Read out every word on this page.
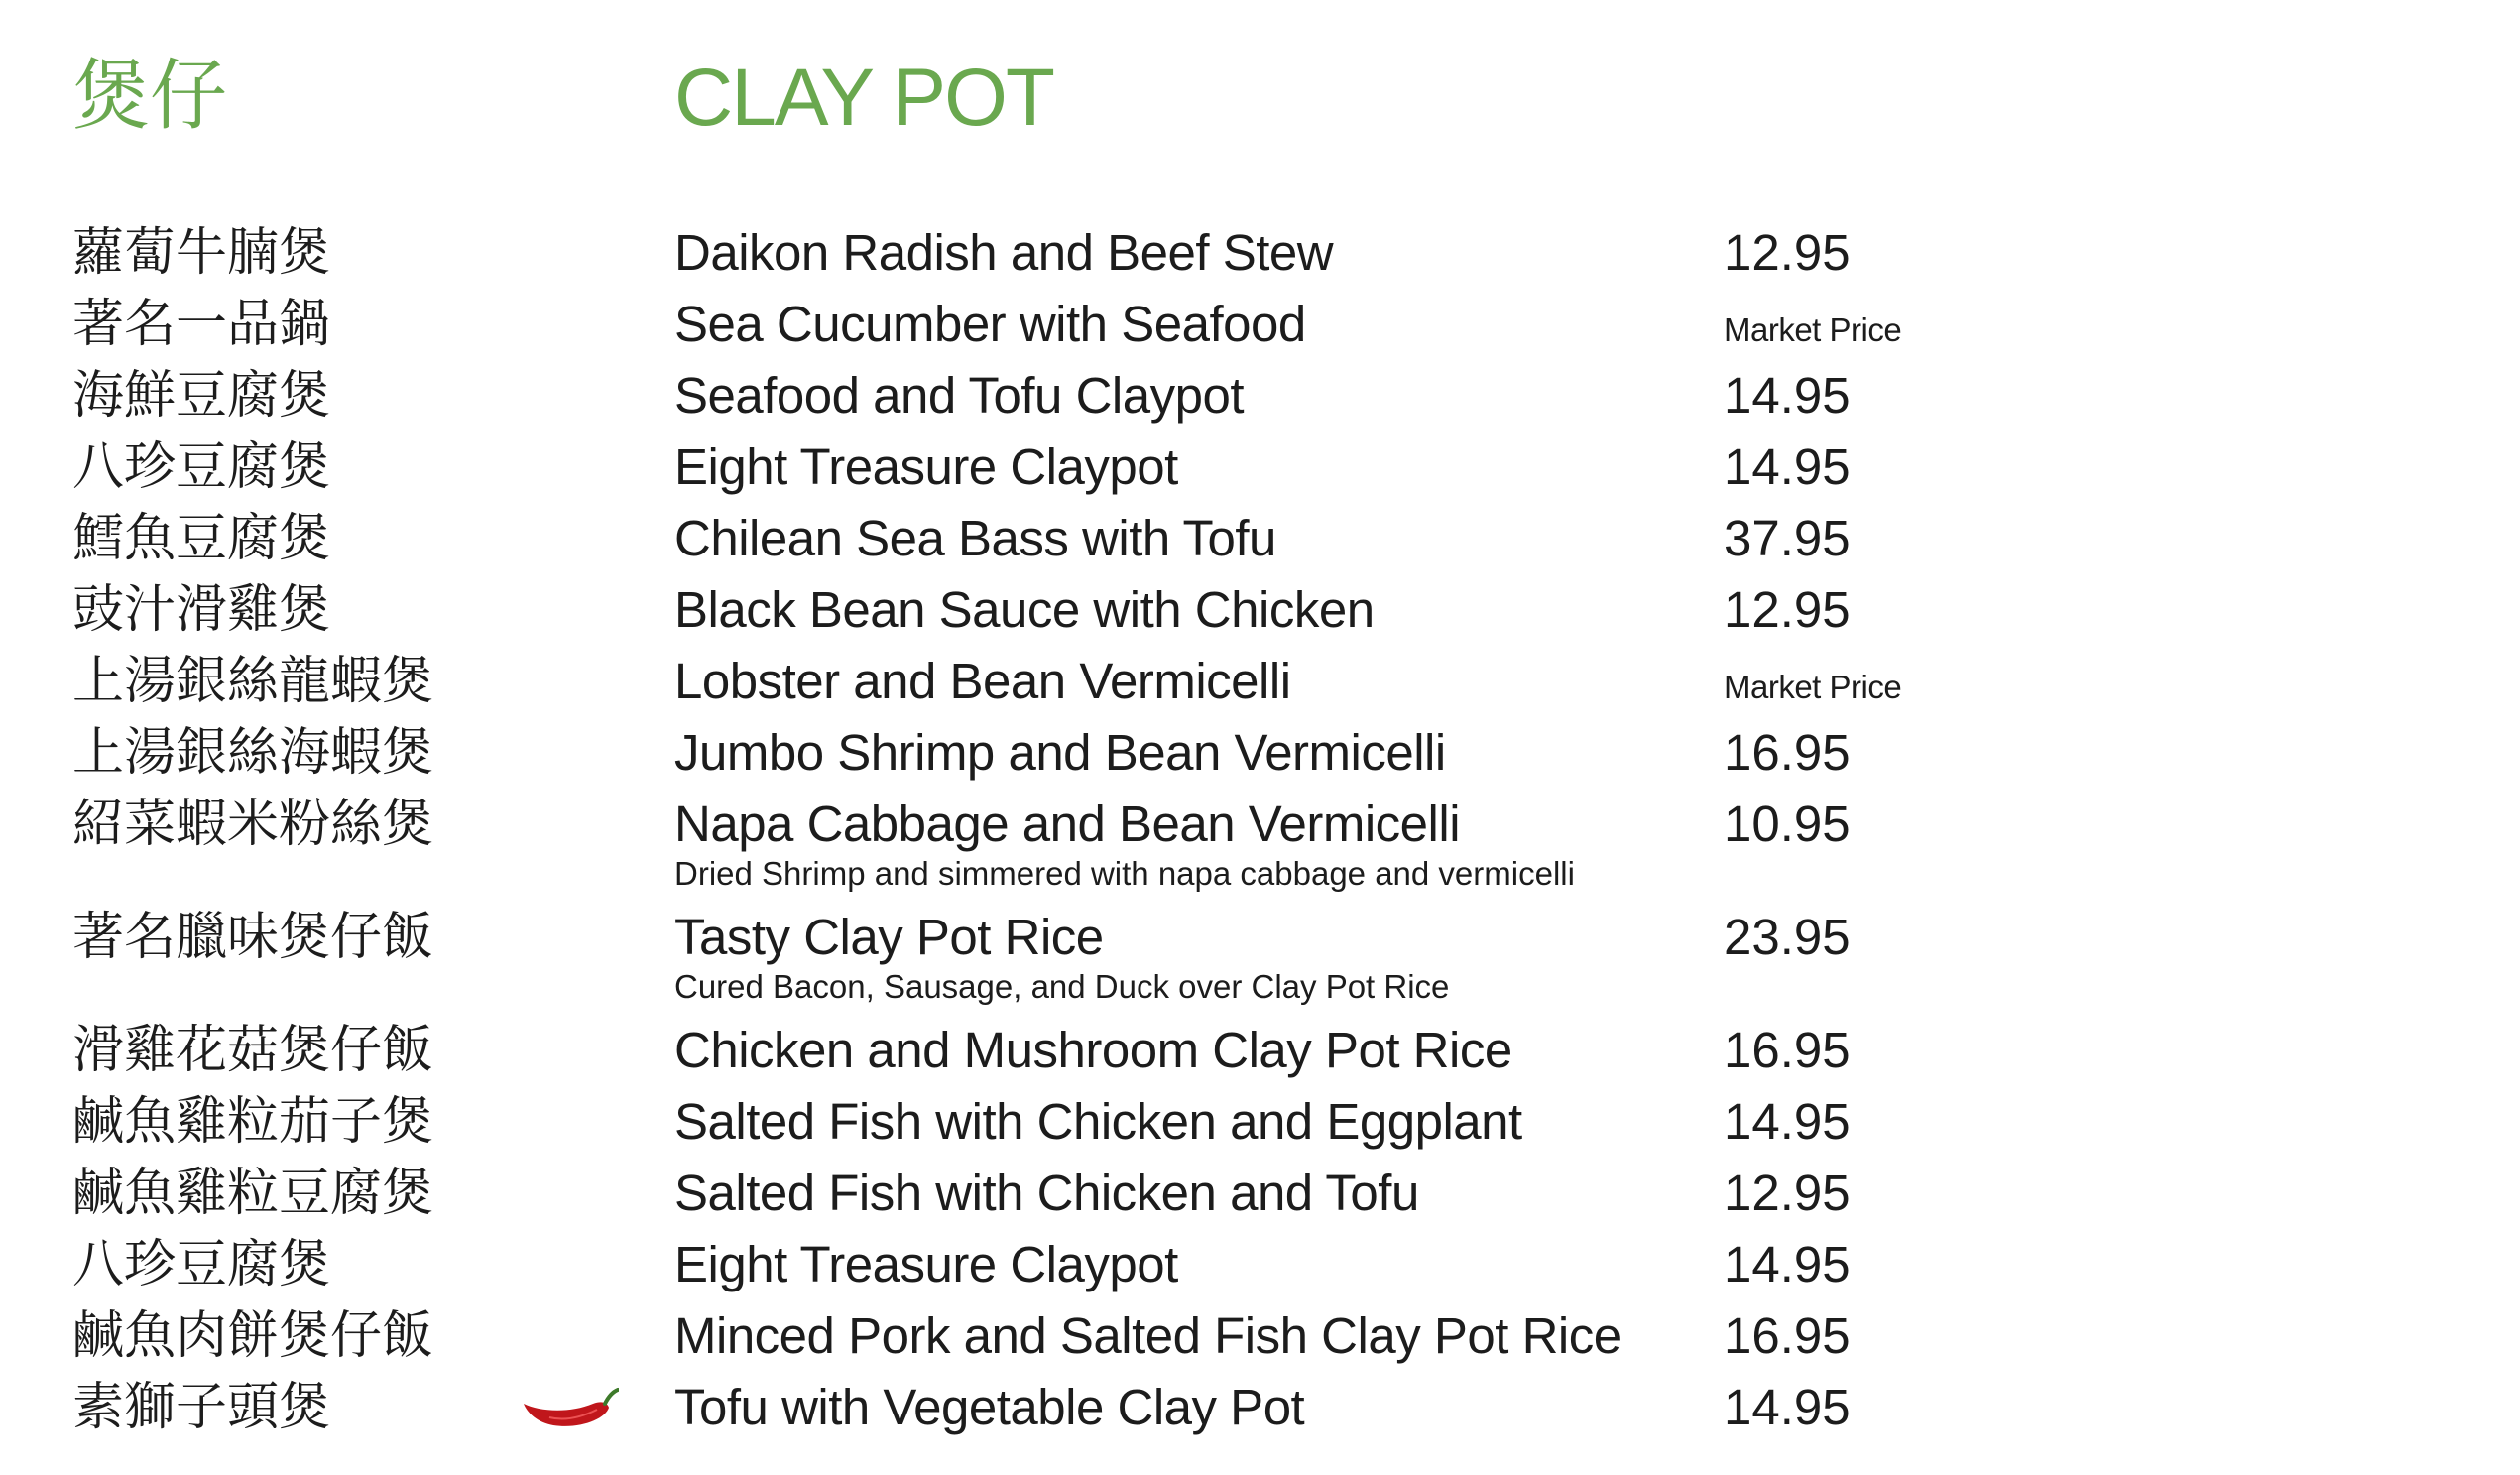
煲仔	CLAY POT
蘿蔔牛腩煲	Daikon Radish and Beef Stew	12.95
著名一品鍋	Sea Cucumber with Seafood	Market Price
海鮮豆腐煲	Seafood and Tofu Claypot	14.95
八珍豆腐煲	Eight Treasure Claypot	14.95
鱈魚豆腐煲	Chilean Sea Bass with Tofu	37.95
豉汁滑雞煲	Black Bean Sauce with Chicken	12.95
上湯銀絲龍蝦煲	Lobster and Bean Vermicelli	Market Price
上湯銀絲海蝦煲	Jumbo Shrimp and Bean Vermicelli	16.95
紹菜蝦米粉絲煲	Napa Cabbage and Bean Vermicelli	10.95
Dried Shrimp and simmered with napa cabbage and vermicelli
著名臘味煲仔飯	Tasty Clay Pot Rice	23.95
Cured Bacon, Sausage, and Duck over Clay Pot Rice
滑雞花菇煲仔飯	Chicken and Mushroom Clay Pot Rice	16.95
鹹魚雞粒茄子煲	Salted Fish with Chicken and Eggplant	14.95
鹹魚雞粒豆腐煲	Salted Fish with Chicken and Tofu	12.95
八珍豆腐煲	Eight Treasure Claypot	14.95
鹹魚肉餅煲仔飯	Minced Pork and Salted Fish Clay Pot Rice 16.95
素獅子頭煲	Tofu with Vegetable Clay Pot	14.95
